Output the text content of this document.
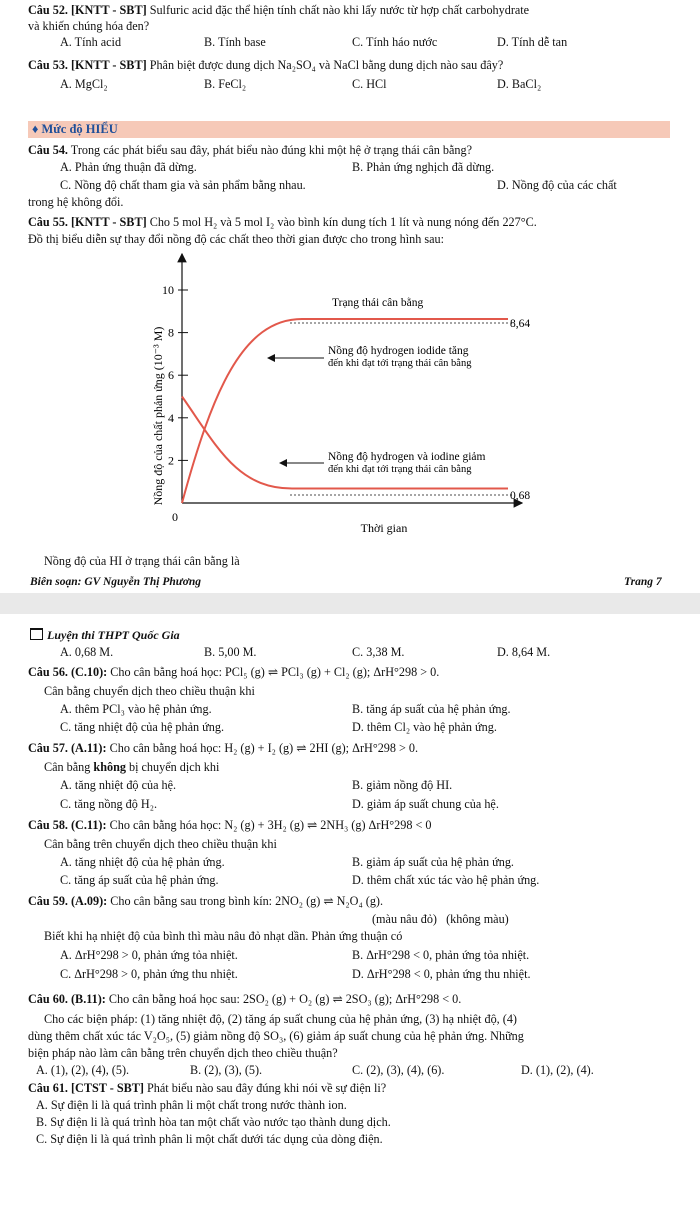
Câu 52. [KNTT - SBT] Sulfuric acid đặc thể hiện tính chất nào khi lấy nước từ hợp chất carbohydrate
và khiến chúng hóa đen?
A. Tính acid	B. Tính base	C. Tính háo nước	D. Tính dễ tan
Câu 53. [KNTT - SBT] Phân biệt được dung dịch Na₂SO₄ và NaCl bằng dung dịch nào sau đây?
A. MgCl₂	B. FeCl₂	C. HCl	D. BaCl₂
♦ Mức độ HIỂU
Câu 54. Trong các phát biểu sau đây, phát biểu nào đúng khi một hệ ở trạng thái cân bằng?
A. Phản ứng thuận đã dừng.	B. Phản ứng nghịch đã dừng.
C. Nồng độ chất tham gia và sản phẩm bằng nhau.	D. Nồng độ của các chất
trong hệ không đổi.
Câu 55. [KNTT - SBT] Cho 5 mol H₂ và 5 mol I₂ vào bình kín dung tích 1 lít và nung nóng đến 227°C.
Đồ thị biểu diễn sự thay đổi nồng độ các chất theo thời gian được cho trong hình sau:
10
8
6
4
2
0
Nồng độ của chất phản ứng (10⁻³ M)
Thời gian
Trạng thái cân bằng
8,64
Nồng độ hydrogen iodide tăng
đến khi đạt tới trạng thái cân bằng
Nồng độ hydrogen và iodine giảm
đến khi đạt tới trạng thái cân bằng
0,68
Nồng độ của HI ở trạng thái cân bằng là
Biên soạn: GV Nguyễn Thị Phương	Trang 7
Luyện thi THPT Quốc Gia
A. 0,68 M.	B. 5,00 M.	C. 3,38 M.	D. 8,64 M.
Câu 56. (C.10): Cho cân bằng hoá học: PCl₅ (g) ⇌ PCl₃ (g) + Cl₂ (g); ΔrH°298 > 0.
Cân bằng chuyển dịch theo chiều thuận khi
A. thêm PCl₃ vào hệ phản ứng.	B. tăng áp suất của hệ phản ứng.
C. tăng nhiệt độ của hệ phản ứng.	D. thêm Cl₂ vào hệ phản ứng.
Câu 57. (A.11): Cho cân bằng hoá học: H₂ (g) + I₂ (g) ⇌ 2HI (g); ΔrH°298 > 0.
Cân bằng không bị chuyển dịch khi
A. tăng nhiệt độ của hệ.	B. giảm nồng độ HI.
C. tăng nồng độ H₂.	D. giảm áp suất chung của hệ.
Câu 58. (C.11): Cho cân bằng hóa học: N₂ (g) + 3H₂ (g) ⇌ 2NH₃ (g) ΔrH°298 < 0
Cân bằng trên chuyển dịch theo chiều thuận khi
A. tăng nhiệt độ của hệ phản ứng.	B. giảm áp suất của hệ phản ứng.
C. tăng áp suất của hệ phản ứng.	D. thêm chất xúc tác vào hệ phản ứng.
Câu 59. (A.09): Cho cân bằng sau trong bình kín: 2NO₂ (g) ⇌ N₂O₄ (g).
(màu nâu đỏ)   (không màu)
Biết khi hạ nhiệt độ của bình thì màu nâu đỏ nhạt dần. Phản ứng thuận có
A. ΔrH°298 > 0, phản ứng tỏa nhiệt.	B. ΔrH°298 < 0, phản ứng tỏa nhiệt.
C. ΔrH°298 > 0, phản ứng thu nhiệt.	D. ΔrH°298 < 0, phản ứng thu nhiệt.
Câu 60. (B.11): Cho cân bằng hoá học sau: 2SO₂ (g) + O₂ (g) ⇌ 2SO₃ (g); ΔrH°298 < 0.
Cho các biện pháp: (1) tăng nhiệt độ, (2) tăng áp suất chung của hệ phản ứng, (3) hạ nhiệt độ, (4)
dùng thêm chất xúc tác V₂O₅, (5) giảm nồng độ SO₃, (6) giảm áp suất chung của hệ phản ứng. Những
biện pháp nào làm cân bằng trên chuyển dịch theo chiều thuận?
A. (1), (2), (4), (5).	B. (2), (3), (5).	C. (2), (3), (4), (6).	D. (1), (2), (4).
Câu 61. [CTST - SBT] Phát biểu nào sau đây đúng khi nói về sự điện li?
A. Sự điện li là quá trình phân li một chất trong nước thành ion.
B. Sự điện li là quá trình hòa tan một chất vào nước tạo thành dung dịch.
C. Sự điện li là quá trình phân li một chất dưới tác dụng của dòng điện.
